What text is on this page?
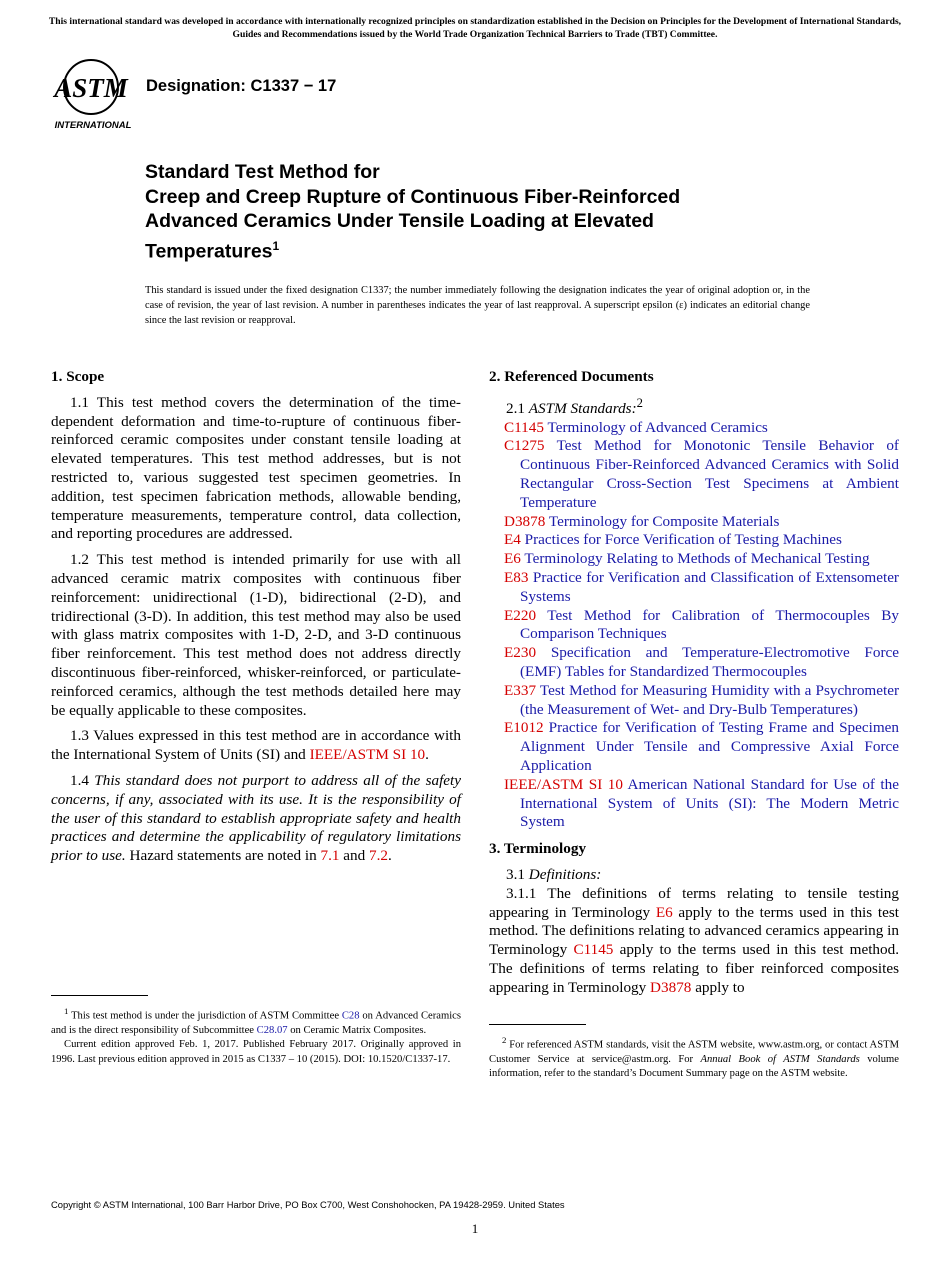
This international standard was developed in accordance with internationally recognized principles on standardization established in the Decision on Principles for the Development of International Standards, Guides and Recommendations issued by the World Trade Organization Technical Barriers to Trade (TBT) Committee.
ASTM
INTERNATIONAL
Designation: C1337 − 17
Standard Test Method for
Creep and Creep Rupture of Continuous Fiber-Reinforced
Advanced Ceramics Under Tensile Loading at Elevated
Temperatures$^1$
This standard is issued under the fixed designation C1337; the number immediately following the designation indicates the year of original adoption or, in the case of revision, the year of last revision. A number in parentheses indicates the year of last reapproval. A superscript epsilon (ε) indicates an editorial change since the last revision or reapproval.
1. Scope

1.1 This test method covers the determination of the time-dependent deformation and time-to-rupture of continuous fiber-reinforced ceramic composites under constant tensile loading at elevated temperatures. This test method addresses, but is not restricted to, various suggested test specimen geometries. In addition, test specimen fabrication methods, allowable bending, temperature measurements, temperature control, data collection, and reporting procedures are addressed.

1.2 This test method is intended primarily for use with all advanced ceramic matrix composites with continuous fiber reinforcement: unidirectional (1-D), bidirectional (2-D), and tridirectional (3-D). In addition, this test method may also be used with glass matrix composites with 1-D, 2-D, and 3-D continuous fiber reinforcement. This test method does not address directly discontinuous fiber-reinforced, whisker-reinforced, or particulate-reinforced ceramics, although the test methods detailed here may be equally applicable to these composites.

1.3 Values expressed in this test method are in accordance with the International System of Units (SI) and IEEE/ASTM SI 10.

1.4 This standard does not purport to address all of the safety concerns, if any, associated with its use. It is the responsibility of the user of this standard to establish appropriate safety and health practices and determine the applicability of regulatory limitations prior to use. Hazard statements are noted in 7.1 and 7.2.

$^1$ This test method is under the jurisdiction of ASTM Committee C28 on Advanced Ceramics and is the direct responsibility of Subcommittee C28.07 on Ceramic Matrix Composites.

Current edition approved Feb. 1, 2017. Published February 2017. Originally approved in 1996. Last previous edition approved in 2015 as C1337 – 10 (2015). DOI: 10.1520/C1337-17.

2. Referenced Documents

2.1 ASTM Standards:$^2$

C1145 Terminology of Advanced Ceramics

C1275 Test Method for Monotonic Tensile Behavior of Continuous Fiber-Reinforced Advanced Ceramics with Solid Rectangular Cross-Section Test Specimens at Ambient Temperature

D3878 Terminology for Composite Materials

E4 Practices for Force Verification of Testing Machines

E6 Terminology Relating to Methods of Mechanical Testing

E83 Practice for Verification and Classification of Extensometer Systems

E220 Test Method for Calibration of Thermocouples By Comparison Techniques

E230 Specification and Temperature-Electromotive Force (EMF) Tables for Standardized Thermocouples

E337 Test Method for Measuring Humidity with a Psychrometer (the Measurement of Wet- and Dry-Bulb Temperatures)

E1012 Practice for Verification of Testing Frame and Specimen Alignment Under Tensile and Compressive Axial Force Application

IEEE/ASTM SI 10 American National Standard for Use of the International System of Units (SI): The Modern Metric System

3. Terminology

3.1 Definitions:

3.1.1 The definitions of terms relating to tensile testing appearing in Terminology E6 apply to the terms used in this test method. The definitions relating to advanced ceramics appearing in Terminology C1145 apply to the terms used in this test method. The definitions of terms relating to fiber reinforced composites appearing in Terminology D3878 apply to

$^2$ For referenced ASTM standards, visit the ASTM website, www.astm.org, or contact ASTM Customer Service at service@astm.org. For Annual Book of ASTM Standards volume information, refer to the standard’s Document Summary page on the ASTM website.

Copyright © ASTM International, 100 Barr Harbor Drive, PO Box C700, West Conshohocken, PA 19428-2959. United States
1
